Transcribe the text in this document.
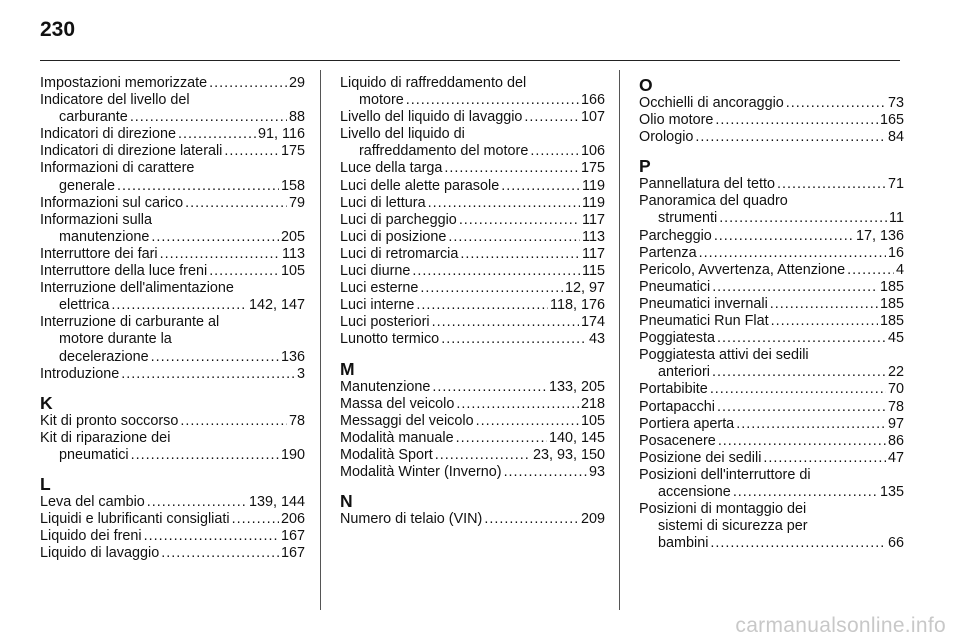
230
Impostazioni memorizzate . . .	29
Indicatore del livello del
carburante . . .	88
Indicatori di direzione . . .	91, 116
Indicatori di direzione laterali . . .	175
Informazioni di carattere
generale . . .	158
Informazioni sul carico . . .	79
Informazioni sulla
manutenzione . . .	205
Interruttore dei fari . . .	113
Interruttore della luce freni . . .	105
Interruzione dell'alimentazione
elettrica . . .	142, 147
Interruzione di carburante al
motore durante la
decelerazione . . .	136
Introduzione . . .	3
K
Kit di pronto soccorso . . .	78
Kit di riparazione dei
pneumatici . . .	190
L
Leva del cambio . . .	139, 144
Liquidi e lubrificanti consigliati . . .	206
Liquido dei freni . . .	167
Liquido di lavaggio . . .	167
Liquido di raffreddamento del
motore . . .	166
Livello del liquido di lavaggio . . .	107
Livello del liquido di
raffreddamento del motore . . .	106
Luce della targa . . .	175
Luci delle alette parasole . . .	119
Luci di lettura . . .	119
Luci di parcheggio . . .	117
Luci di posizione . . .	113
Luci di retromarcia . . .	117
Luci diurne . . .	115
Luci esterne . . .	12, 97
Luci interne . . .	118, 176
Luci posteriori . . .	174
Lunotto termico . . .	43
M
Manutenzione . . .	133, 205
Massa del veicolo . . .	218
Messaggi del veicolo . . .	105
Modalità manuale . . .	140, 145
Modalità Sport . . .	23, 93, 150
Modalità Winter (Inverno) . . .	93
N
Numero di telaio (VIN) . . .	209
O
Occhielli di ancoraggio . . .	73
Olio motore . . .	165
Orologio . . .	84
P
Pannellatura del tetto . . .	71
Panoramica del quadro
strumenti . . .	11
Parcheggio . . .	17, 136
Partenza . . .	16
Pericolo, Avvertenza, Attenzione . . .	4
Pneumatici . . .	185
Pneumatici invernali . . .	185
Pneumatici Run Flat . . .	185
Poggiatesta . . .	45
Poggiatesta attivi dei sedili
anteriori . . .	22
Portabibite . . .	70
Portapacchi . . .	78
Portiera aperta . . .	97
Posacenere . . .	86
Posizione dei sedili . . .	47
Posizioni dell'interruttore di
accensione . . .	135
Posizioni di montaggio dei
sistemi di sicurezza per
bambini . . .	66
carmanualsonline.info
